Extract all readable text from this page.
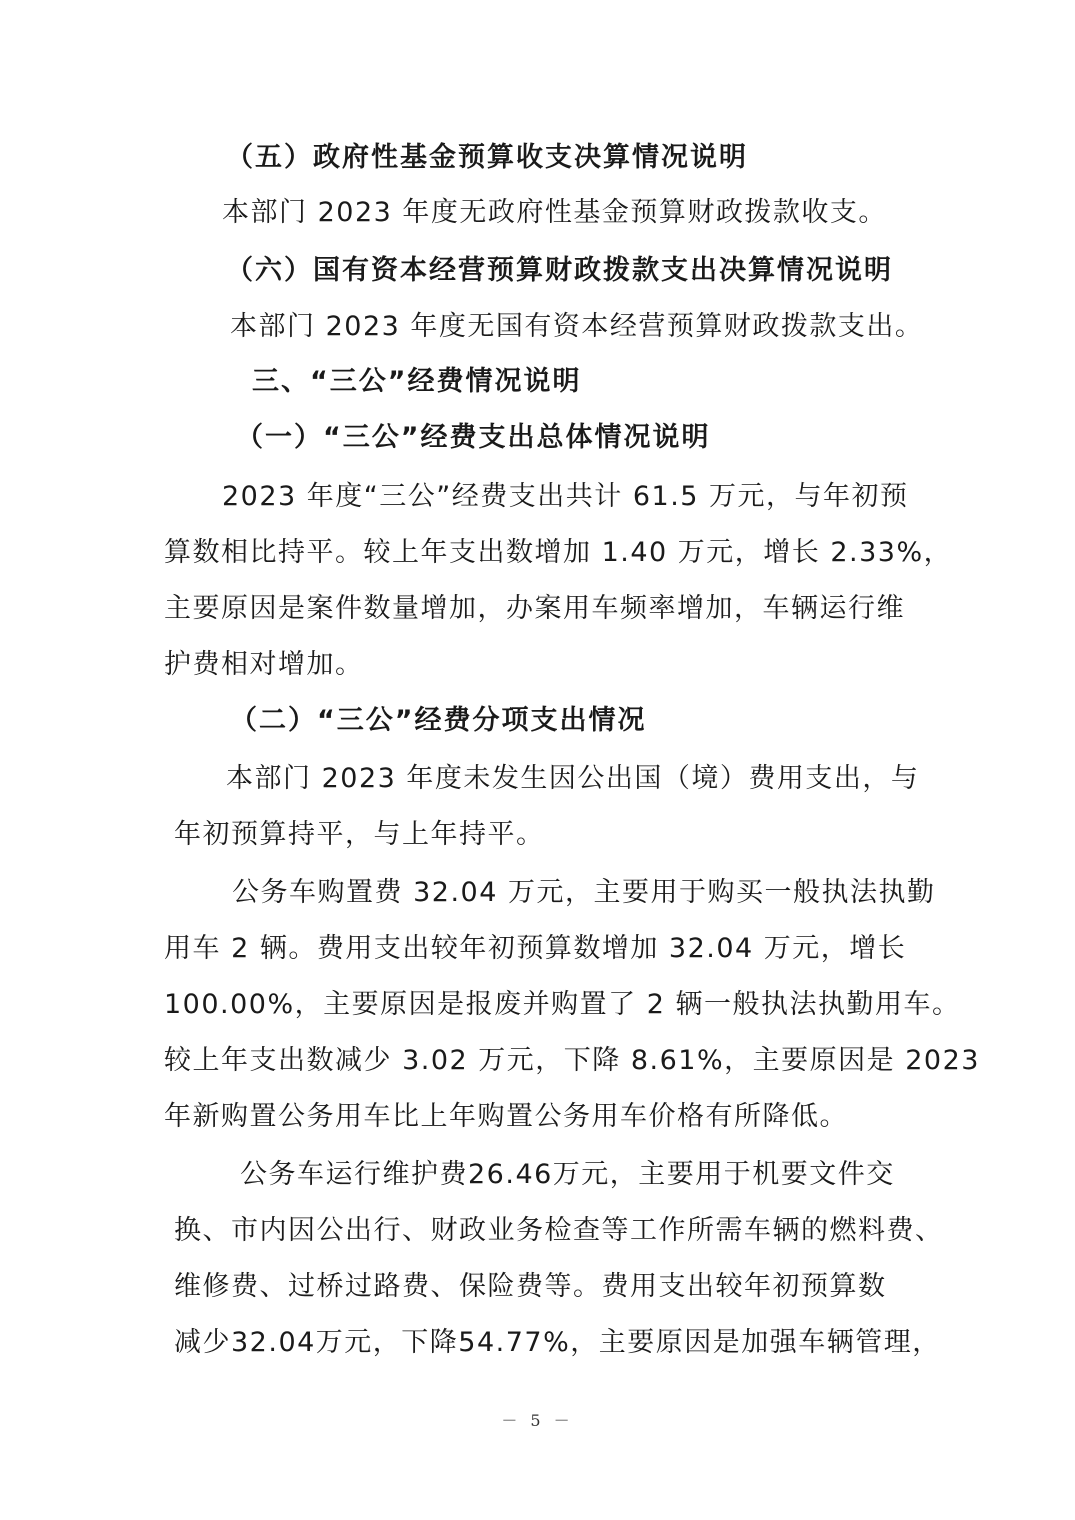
（五）政府性基金预算收支决算情况说明
本部门 2023 年度无政府性基金预算财政拨款收支。
（六）国有资本经营预算财政拨款支出决算情况说明
本部门 2023 年度无国有资本经营预算财政拨款支出。
三、“三公”经费情况说明
（一）“三公”经费支出总体情况说明
2023 年度“三公”经费支出共计 61.5 万元，与年初预
算数相比持平。较上年支出数增加 1.40 万元，增长 2.33%，
主要原因是案件数量增加，办案用车频率增加，车辆运行维
护费相对增加。
（二）“三公”经费分项支出情况
本部门 2023 年度未发生因公出国（境）费用支出，与
年初预算持平，与上年持平。
公务车购置费 32.04 万元，主要用于购买一般执法执勤
用车 2 辆。费用支出较年初预算数增加 32.04 万元，增长
100.00%，主要原因是报废并购置了 2 辆一般执法执勤用车。
较上年支出数减少 3.02 万元，下降 8.61%，主要原因是 2023
年新购置公务用车比上年购置公务用车价格有所降低。
公务车运行维护费26.46万元，主要用于机要文件交
换、市内因公出行、财政业务检查等工作所需车辆的燃料费、
维修费、过桥过路费、保险费等。费用支出较年初预算数
减少32.04万元，下降54.77%，主要原因是加强车辆管理，
－ 5 －
